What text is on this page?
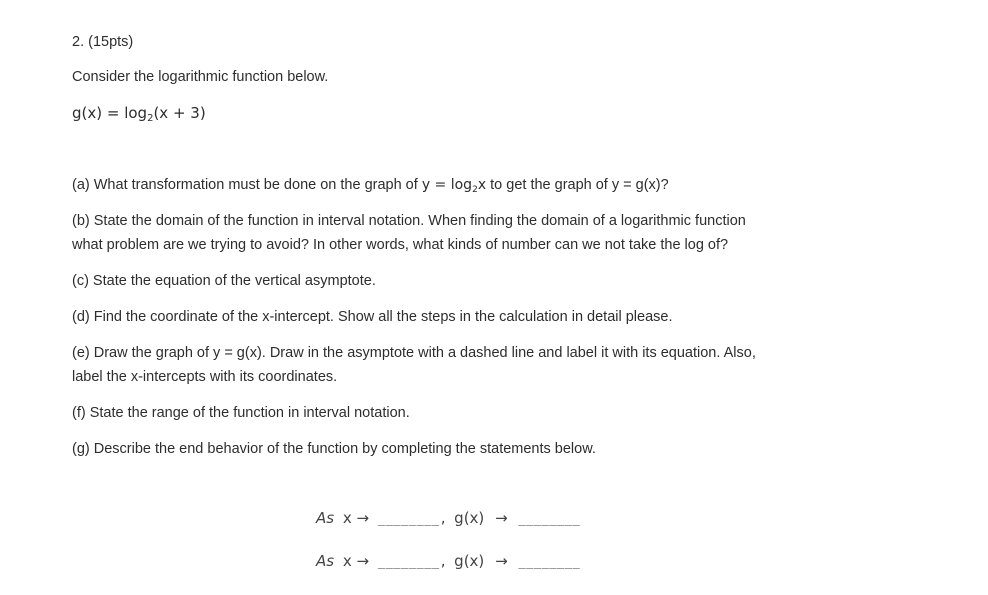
2. (15pts)
Consider the logarithmic function below.
$g(x) = \log_2(x + 3)$
(a) What transformation must be done on the graph of $y = \log_2x$ to get the graph of y = g(x)?
(b) State the domain of the function in interval notation. When finding the domain of a logarithmic function
what problem are we trying to avoid? In other words, what kinds of number can we not take the log of?
(c) State the equation of the vertical asymptote.
(d) Find the coordinate of the x-intercept. Show all the steps in the calculation in detail please.
(e) Draw the graph of y = g(x). Draw in the asymptote with a dashed line and label it with its equation. Also,
label the x-intercepts with its coordinates.
(f) State the range of the function in interval notation.
(g) Describe the end behavior of the function by completing the statements below.
As x → ________, g(x) → ________
As x → ________, g(x) → ________
